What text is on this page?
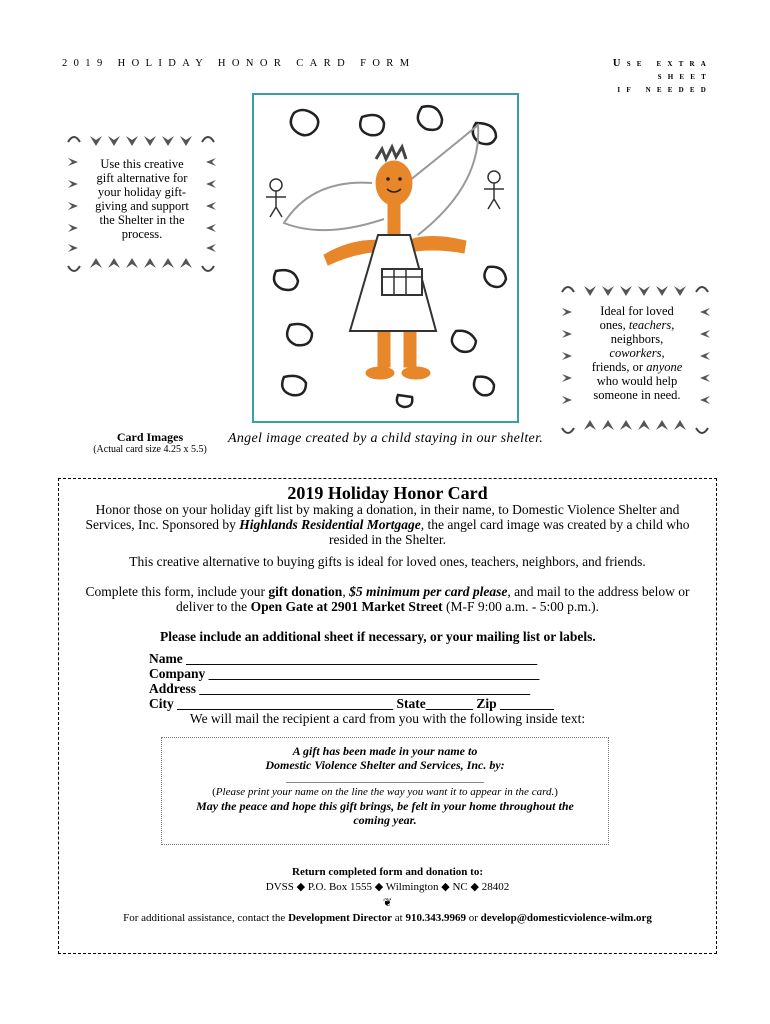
2019 HOLIDAY HONOR CARD FORM	Use extra sheet
if needed
Use this creative gift alternative for your holiday gift-giving and support the Shelter in the process.
Ideal for loved
ones, teachers,
neighbors,
coworkers,
friends, or anyone
who would help
someone in need.
Card Images
(Actual card size 4.25 x 5.5)
Angel image created by a child staying in our shelter.
2019 Holiday Honor Card
Honor those on your holiday gift list by making a donation, in their name, to Domestic Violence Shelter and Services, Inc. Sponsored by Highlands Residential Mortgage, the angel card image was created by a child who resided in the Shelter.
This creative alternative to buying gifts is ideal for loved ones, teachers, neighbors, and friends.
Complete this form, include your gift donation, $5 minimum per card please, and mail to the address below or deliver to the Open Gate at 2901 Market Street (M-F 9:00 a.m. - 5:00 p.m.).
Please include an additional sheet if necessary, or your mailing list or labels.
Name ____________________________________________________
Company _________________________________________________
Address _________________________________________________
City ________________________________ State_______ Zip ________
We will mail the recipient a card from you with the following inside text:
A gift has been made in your name to
Domestic Violence Shelter and Services, Inc. by:
____________________________________________
(Please print your name on the line the way you want it to appear in the card.)
May the peace and hope this gift brings, be felt in your home throughout the
coming year.
Return completed form and donation to:
DVSS ◆ P.O. Box 1555 ◆ Wilmington ◆ NC ◆ 28402
❦
For additional assistance, contact the Development Director at 910.343.9969 or develop@domesticviolence-wilm.org
